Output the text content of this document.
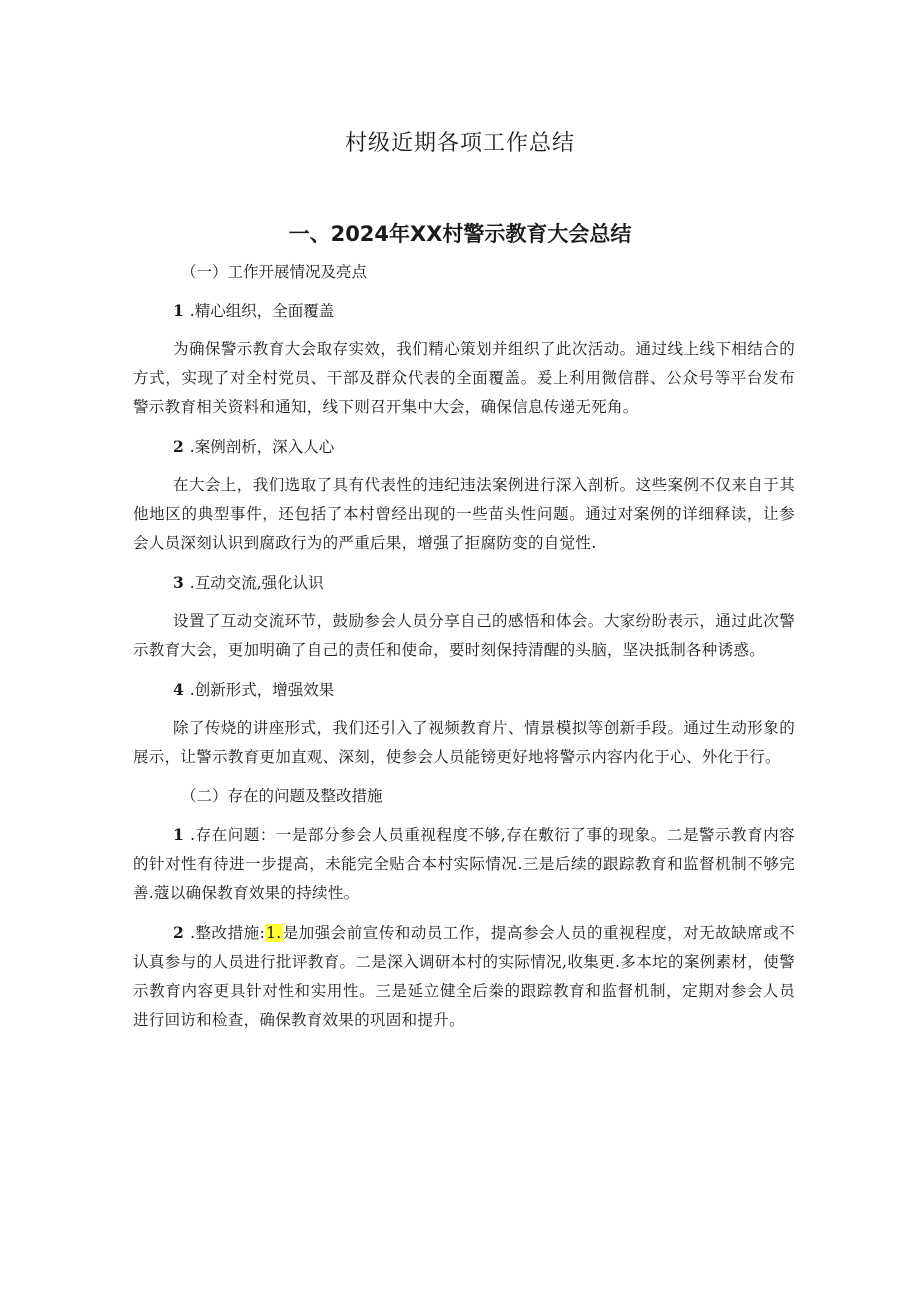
村级近期各项工作总结
一、2024年XX村警示教育大会总结
（一）工作开展情况及亮点
1 .精心组织，全面覆盖

为确保警示教育大会取存实效，我们精心策划并组织了此次活动。通过线上线下相结合的方式，实现了对全村党员、干部及群众代表的全面覆盖。爰上利用微信群、公众号等平台发布警示教育相关资料和通知，线下则召开集中大会，确保信息传递无死角。

2 .案例剖析，深入人心

在大会上，我们选取了具有代表性的违纪违法案例进行深入剖析。这些案例不仅来自于其他地区的典型事件，还包括了本村曾经出现的一些苗头性问题。通过对案例的详细释读，让参会人员深刻认识到腐政行为的严重后果，增强了拒腐防变的自觉性.

3 .互动交流,强化认识

设置了互动交流环节，鼓励参会人员分享自己的感悟和体会。大家纷盼表示，通过此次警示教育大会，更加明确了自己的责任和使命，要时刻保持清醒的头脑，坚决抵制各种诱惑。

4 .创新形式，增强效果

除了传烧的讲座形式，我们还引入了视频教育片、情景模拟等创新手段。通过生动形象的展示，让警示教育更加直观、深刻，使参会人员能镑更好地将警示内容内化于心、外化于行。

（二）存在的问题及整改措施

1 .存在问题：一是部分参会人员重视程度不够,存在敷衍了事的现象。二是警示教育内容的针对性有待进一步提高，未能完全贴合本村实际情况.三是后续的跟踪教育和监督机制不够完善.蔻以确保教育效果的持续性。

2 .整改措施:1.是加强会前宣传和动员工作，提高参会人员的重视程度，对无故缺席或不认真参与的人员进行批评教育。二是深入调研本村的实际情况,收集更.多本坨的案例素材，使警示教育内容更具针对性和实用性。三是延立健全后桊的跟踪教育和监督机制，定期对参会人员进行回访和检查，确保教育效果的巩固和提升。
